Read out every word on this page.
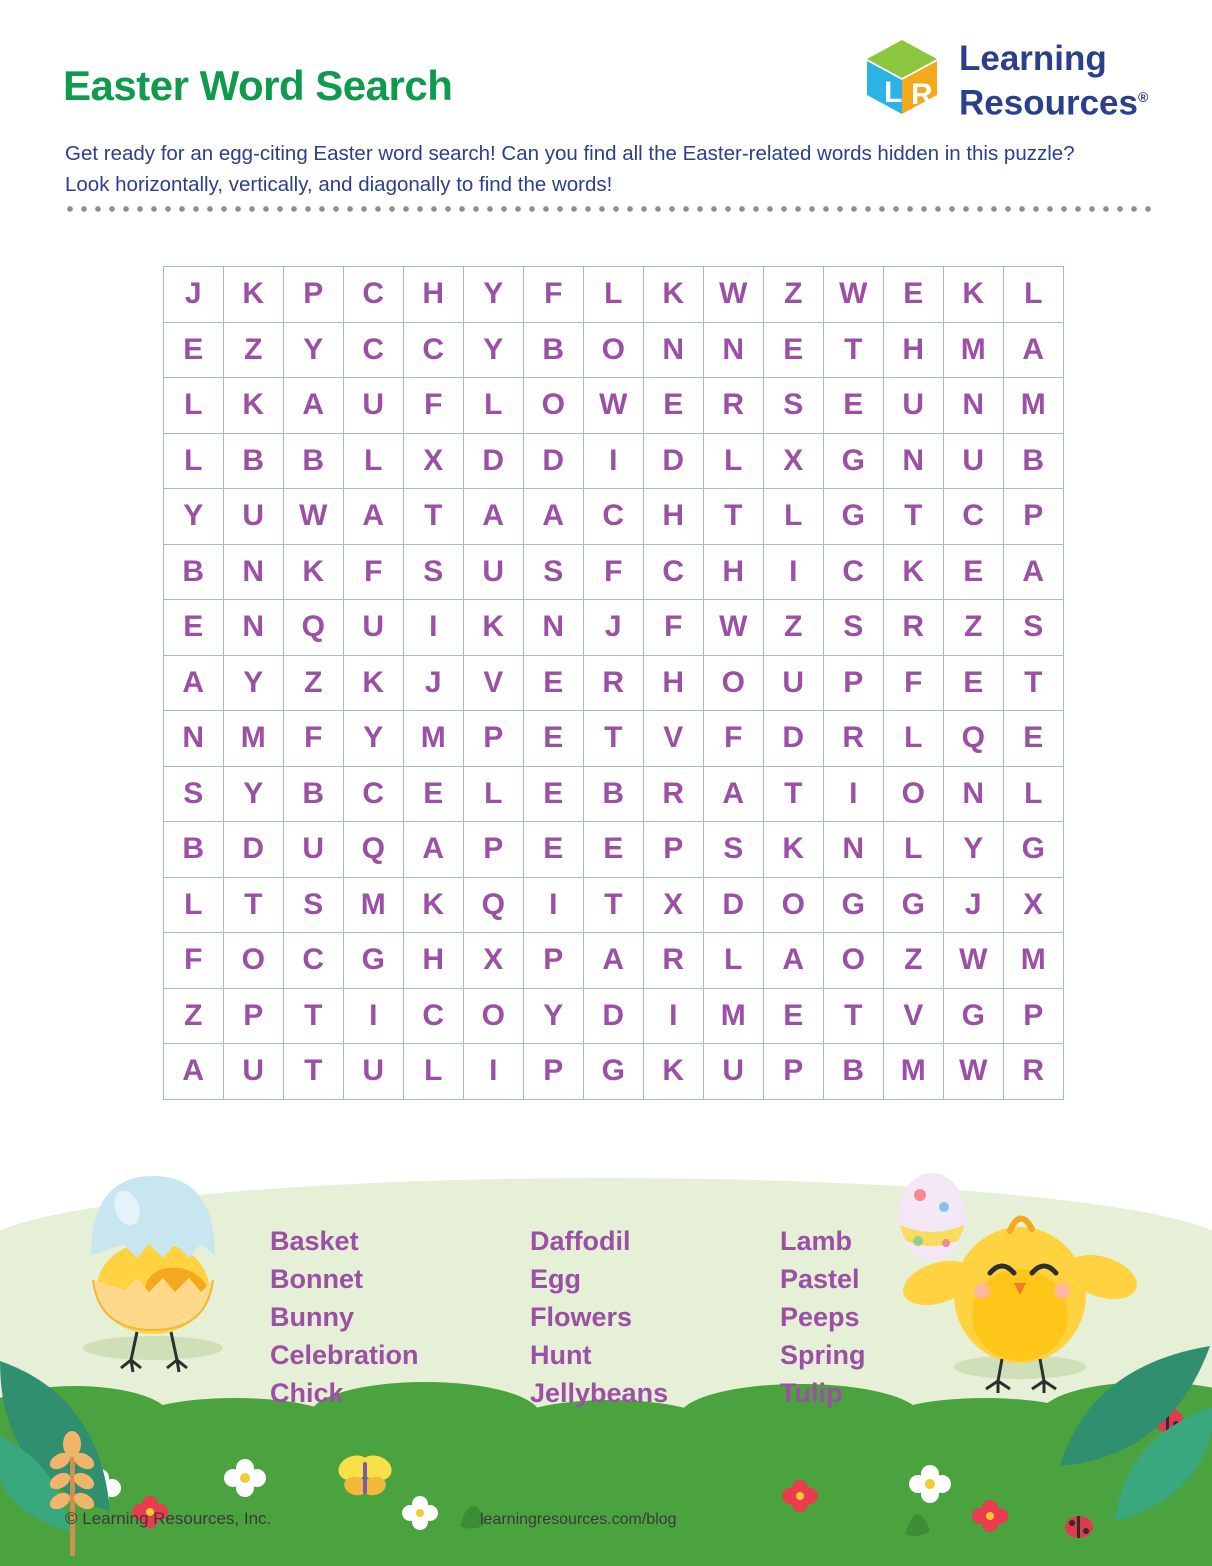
Easter Word Search
Get ready for an egg-citing Easter word search! Can you find all the Easter-related words hidden in this puzzle? Look horizontally, vertically, and diagonally to find the words!
L R
Learning
Resources®
J	K	P	C	H	Y	F	L	K	W	Z	W	E	K	L
E	Z	Y	C	C	Y	B	O	N	N	E	T	H	M	A
L	K	A	U	F	L	O	W	E	R	S	E	U	N	M
L	B	B	L	X	D	D	I	D	L	X	G	N	U	B
Y	U	W	A	T	A	A	C	H	T	L	G	T	C	P
B	N	K	F	S	U	S	F	C	H	I	C	K	E	A
E	N	Q	U	I	K	N	J	F	W	Z	S	R	Z	S
A	Y	Z	K	J	V	E	R	H	O	U	P	F	E	T
N	M	F	Y	M	P	E	T	V	F	D	R	L	Q	E
S	Y	B	C	E	L	E	B	R	A	T	I	O	N	L
B	D	U	Q	A	P	E	E	P	S	K	N	L	Y	G
L	T	S	M	K	Q	I	T	X	D	O	G	G	J	X
F	O	C	G	H	X	P	A	R	L	A	O	Z	W	M
Z	P	T	I	C	O	Y	D	I	M	E	T	V	G	P
A	U	T	U	L	I	P	G	K	U	P	B	M	W	R
Basket
Bonnet
Bunny
Celebration
Chick
Daffodil
Egg
Flowers
Hunt
Jellybeans
Lamb
Pastel
Peeps
Spring
Tulip
© Learning Resources, Inc.	learningresources.com/blog
